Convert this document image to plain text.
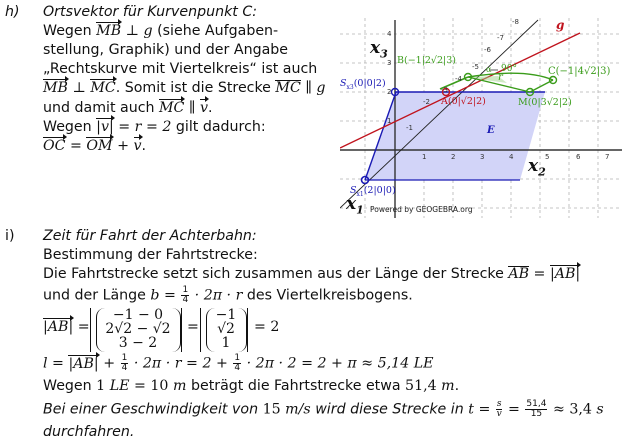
h) Ortsvektor für Kurvenpunkt C:
Wegen MB ⊥ g (siehe Aufgaben-
stellung, Graphik) und der Angabe
„Rechtskurve mit Viertelkreis“ ist auch
MB ⊥ MC. Somit ist die Strecke MC ∥ g
und damit auch MC ∥ v.
Wegen |v| = r = 2 gilt dadurch:
OC = OM + v.
1	2	3	4	5	6	7
1
2
3
4
-1
-2
-3
-4
-5
-6
-7
-8
$x_3$
$x_2$
$x_1$
g
B(−1|2√2|3)
C(−1|4√2|3)
A(0|√2|2)	M(0|3√2|2)
$S_{x3}(0|0|2)$
$S_{x1}(2|0|0)$
E
r
90°
α
Powered by GEOGEBRA.org
i) Zeit für Fahrt der Achterbahn:
Bestimmung der Fahrtstrecke:
Die Fahrtstrecke setzt sich zusammen aus der Länge der Strecke AB = |AB|
und der Länge $b = \frac{1}{4} \cdot 2\pi \cdot r$ des Viertelkreisbogens.
|AB| =
−1 − 0
2√2 − √2
3 − 2
=
−1
√2
1
= 2
$l = |AB| + \frac{1}{4} \cdot 2\pi \cdot r = 2 + \frac{1}{4} \cdot 2\pi \cdot 2 = 2 + \pi \approx 5,14$ LE
Wegen 1 LE = 10 m beträgt die Fahrtstrecke etwa 51,4 m.
Bei einer Geschwindigkeit von 15 m/s wird diese Strecke in $t = \frac{s}{v} = \frac{51,4}{15} \approx 3,4$ s
durchfahren.
